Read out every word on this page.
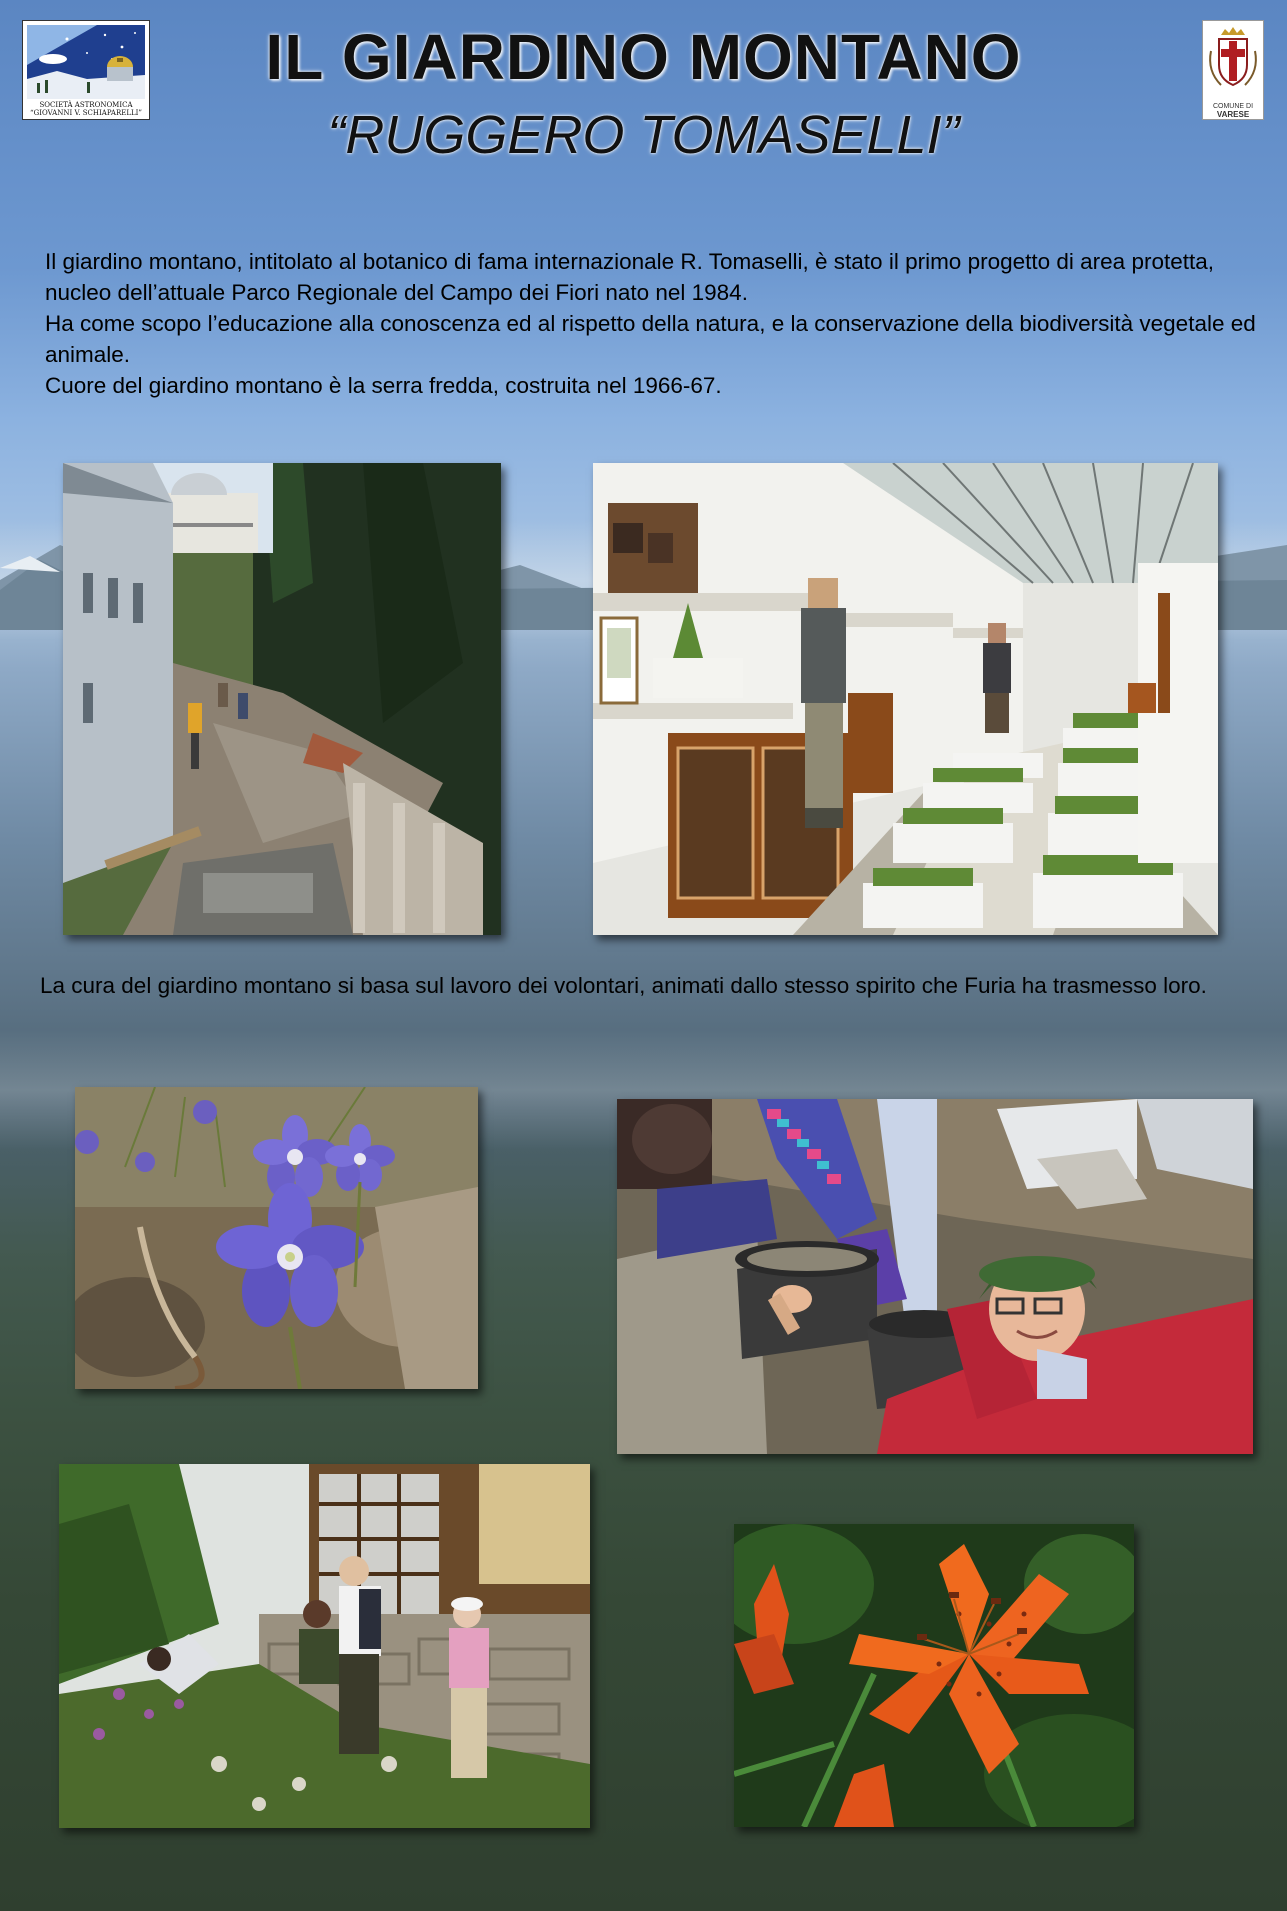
SOCIETÀ ASTRONOMICA
“GIOVANNI V. SCHIAPARELLI”
COMUNE DI
VARESE
IL GIARDINO MONTANO
“RUGGERO TOMASELLI”

Il giardino montano, intitolato al botanico di fama internazionale R. Tomaselli, è stato il primo progetto di area protetta, nucleo dell’attuale Parco Regionale del Campo dei Fiori nato nel 1984.

Ha come scopo l’educazione alla conoscenza ed al rispetto della natura, e la conservazione della biodiversità vegetale ed animale.

Cuore del giardino montano è la serra fredda, costruita nel 1966-67.

La cura del giardino montano si basa sul lavoro dei volontari, animati dallo stesso spirito che Furia ha trasmesso loro.
